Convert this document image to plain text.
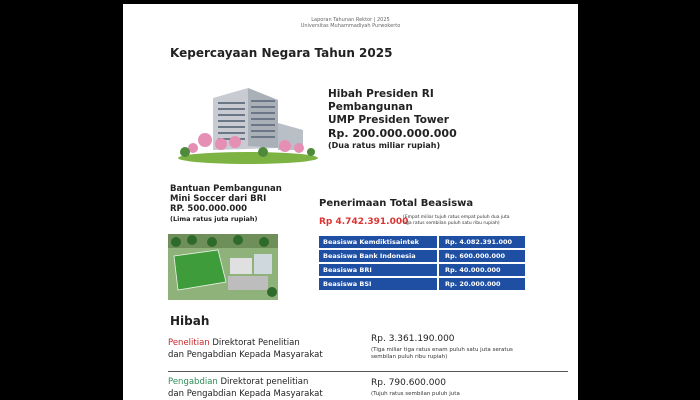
Laporan Tahunan Rektor | 2025
Universitas Muhammadiyah Purwokerto
Kepercayaan Negara Tahun 2025
Hibah Presiden RI
Pembangunan
UMP Presiden Tower
Rp. 200.000.000.000
(Dua ratus miliar rupiah)
Bantuan Pembangunan
Mini Soccer dari BRI
RP. 500.000.000
(Lima ratus juta rupiah)
Penerimaan Total Beasiswa
Rp 4.742.391.000
(Empat miliar tujuh ratus empat puluh dua juta tiga ratus sembilan puluh satu ribu rupiah)
Beasiswa Kemdiktisaintek	Rp. 4.082.391.000
Beasiswa Bank Indonesia	Rp. 600.000.000
Beasiswa BRI	Rp. 40.000.000
Beasiswa BSI	Rp. 20.000.000
Hibah
Penelitian Direktorat Penelitian
dan Pengabdian Kepada Masyarakat
Rp. 3.361.190.000
(Tiga miliar tiga ratus enam puluh satu juta seratus sembilan puluh ribu rupiah)
Pengabdian Direktorat penelitian
dan Pengabdian Kepada Masyarakat
Rp. 790.600.000
(Tujuh ratus sembilan puluh juta
